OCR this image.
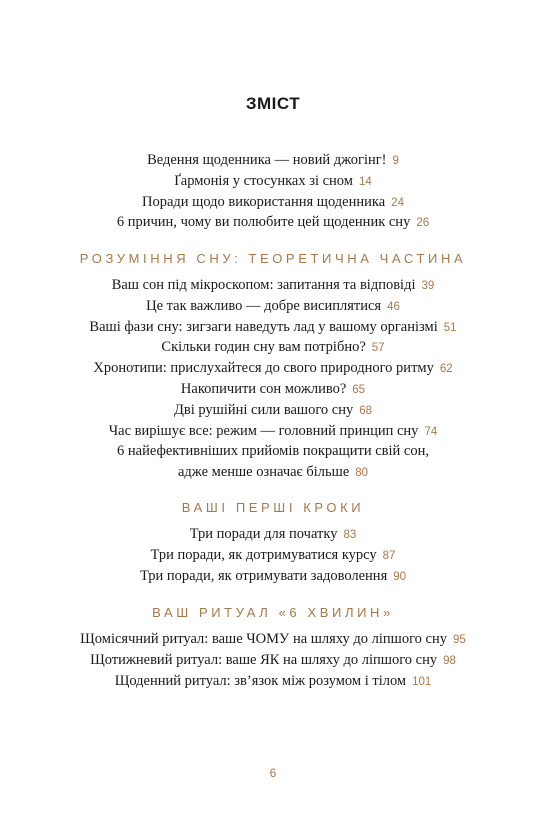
ЗМІСТ
Ведення щоденника — новий джогінг! 9
Ґармонія у стосунках зі сном 14
Поради щодо використання щоденника 24
6 причин, чому ви полюбите цей щоденник сну 26
РОЗУМІННЯ СНУ: ТЕОРЕТИЧНА ЧАСТИНА
Ваш сон під мікроскопом: запитання та відповіді 39
Це так важливо — добре висиплятися 46
Ваші фази сну: зигзаги наведуть лад у вашому організмі 51
Скільки годин сну вам потрібно? 57
Хронотипи: прислухайтеся до свого природного ритму 62
Накопичити сон можливо? 65
Дві рушійні сили вашого сну 68
Час вирішує все: режим — головний принцип сну 74
6 найефективніших прийомів покращити свій сон,
адже менше означає більше 80
ВАШІ ПЕРШІ КРОКИ
Три поради для початку 83
Три поради, як дотримуватися курсу 87
Три поради, як отримувати задоволення 90
ВАШ РИТУАЛ «6 ХВИЛИН»
Щомісячний ритуал: ваше ЧОМУ на шляху до ліпшого сну 95
Щотижневий ритуал: ваше ЯК на шляху до ліпшого сну 98
Щоденний ритуал: зв’язок між розумом і тілом 101
6
